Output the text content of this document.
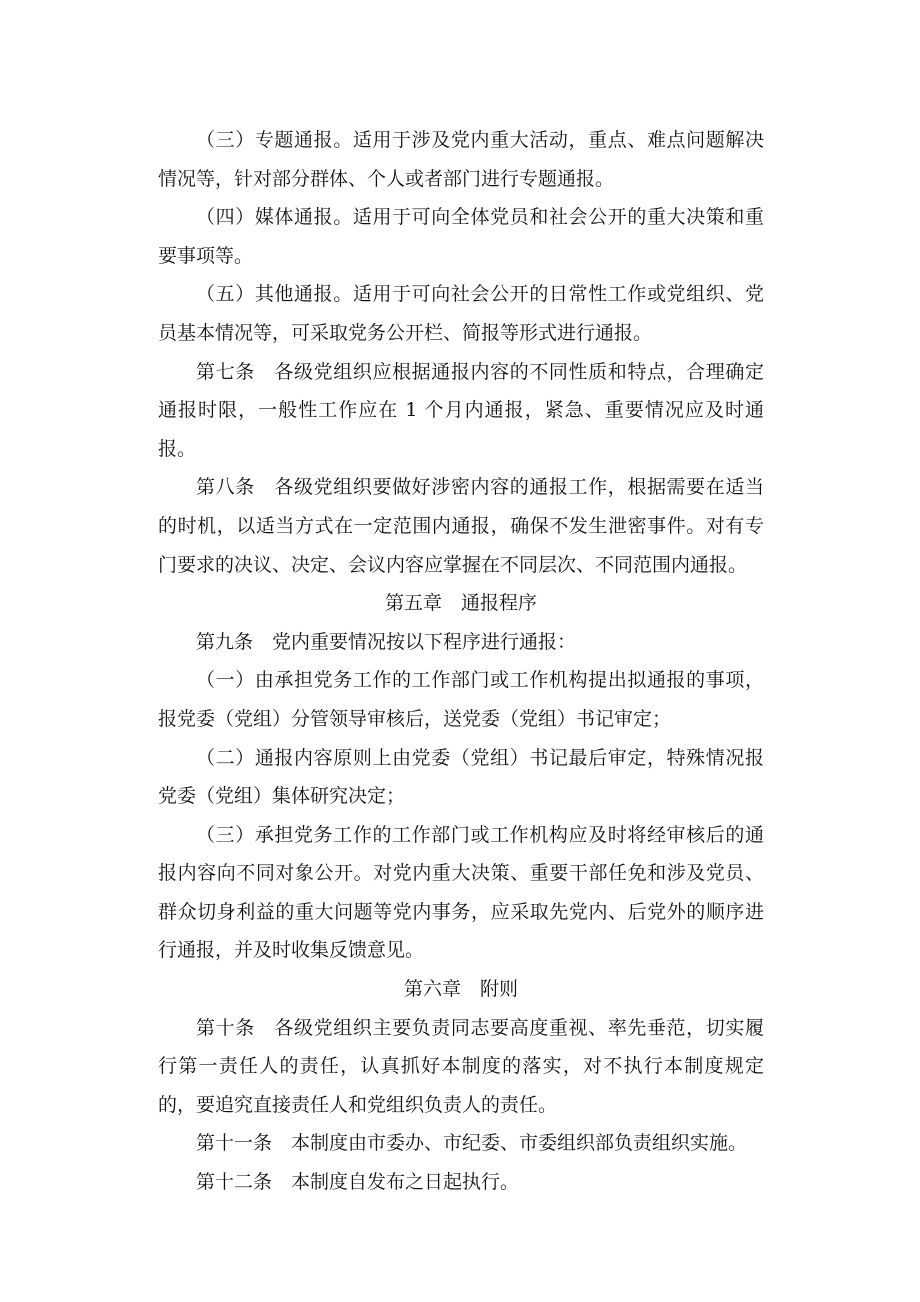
（三）专题通报。适用于涉及党内重大活动，重点、难点问题解决情况等，针对部分群体、个人或者部门进行专题通报。

（四）媒体通报。适用于可向全体党员和社会公开的重大决策和重要事项等。

（五）其他通报。适用于可向社会公开的日常性工作或党组织、党员基本情况等，可采取党务公开栏、简报等形式进行通报。

第七条　各级党组织应根据通报内容的不同性质和特点，合理确定通报时限，一般性工作应在 1 个月内通报，紧急、重要情况应及时通报。

第八条　各级党组织要做好涉密内容的通报工作，根据需要在适当的时机，以适当方式在一定范围内通报，确保不发生泄密事件。对有专门要求的决议、决定、会议内容应掌握在不同层次、不同范围内通报。

第五章　通报程序

第九条　党内重要情况按以下程序进行通报：

（一）由承担党务工作的工作部门或工作机构提出拟通报的事项，报党委（党组）分管领导审核后，送党委（党组）书记审定；

（二）通报内容原则上由党委（党组）书记最后审定，特殊情况报党委（党组）集体研究决定；

（三）承担党务工作的工作部门或工作机构应及时将经审核后的通报内容向不同对象公开。对党内重大决策、重要干部任免和涉及党员、群众切身利益的重大问题等党内事务，应采取先党内、后党外的顺序进行通报，并及时收集反馈意见。

第六章　附则

第十条　各级党组织主要负责同志要高度重视、率先垂范，切实履行第一责任人的责任，认真抓好本制度的落实，对不执行本制度规定的，要追究直接责任人和党组织负责人的责任。

第十一条　本制度由市委办、市纪委、市委组织部负责组织实施。

第十二条　本制度自发布之日起执行。
